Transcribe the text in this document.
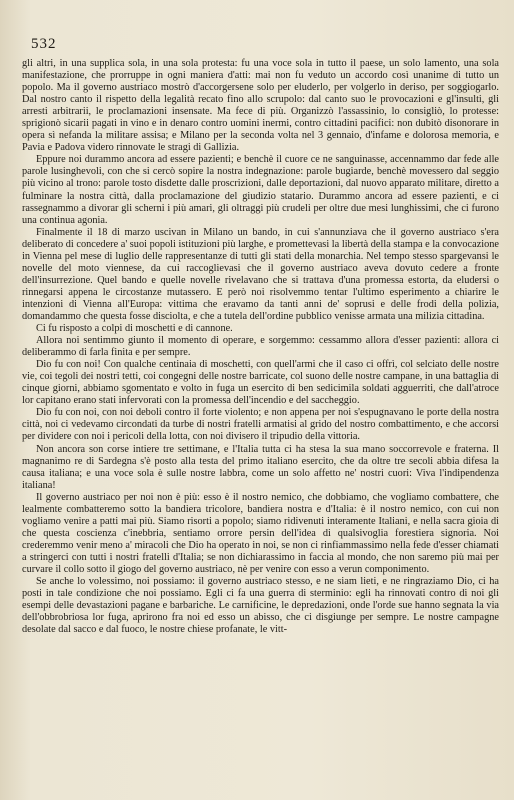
532

gli altri, in una supplica sola, in una sola protesta: fu una voce sola in tutto il paese, un solo lamento, una sola manifestazione, che prorruppe in ogni maniera d'atti: mai non fu veduto un accordo così unanime di tutto un popolo. Ma il governo austriaco mostrò d'accorgersene solo per eluderlo, per volgerlo in deriso, per soggiogarlo. Dal nostro canto il rispetto della legalità recato fino allo scrupolo: dal canto suo le provocazioni e gl'insulti, gli arresti arbitrarii, le proclamazioni insensate. Ma fece di più. Organizzò l'assassinio, lo consigliò, lo protesse: sprigionò sicarii pagati in vino e in denaro contro uomini inermi, contro cittadini pacifici: non dubitò disonorare in opera sì nefanda la militare assisa; e Milano per la seconda volta nel 3 gennaio, d'infame e dolorosa memoria, e Pavia e Padova videro rinnovate le stragi di Gallizia.

Eppure noi durammo ancora ad essere pazienti; e benchè il cuore ce ne sanguinasse, accennammo dar fede alle parole lusinghevoli, con che si cercò sopire la nostra indegnazione: parole bugiarde, benchè movessero dal seggio più vicino al trono: parole tosto disdette dalle proscrizioni, dalle deportazioni, dal nuovo apparato militare, diretto a fulminare la nostra città, dalla proclamazione del giudizio statario. Durammo ancora ad essere pazienti, e ci rassegnammo a divorar gli scherni i più amari, gli oltraggi più crudeli per oltre due mesi lunghissimi, che ci furono una continua agonia.

Finalmente il 18 di marzo uscivan in Milano un bando, in cui s'annunziava che il governo austriaco s'era deliberato di concedere a' suoi popoli istituzioni più larghe, e promettevasi la libertà della stampa e la convocazione in Vienna pel mese di luglio delle rappresentanze di tutti gli stati della monarchia. Nel tempo stesso spargevansi le novelle del moto viennese, da cui raccoglievasi che il governo austriaco aveva dovuto cedere a fronte dell'insurrezione. Quel bando e quelle novelle rivelavano che si trattava d'una promessa estorta, da eludersi o rinnegarsi appena le circostanze mutassero. E però noi risolvemmo tentar l'ultimo esperimento a chiarire le intenzioni di Vienna all'Europa: vittima che eravamo da tanti anni de' soprusi e delle frodi della polizia, domandammo che questa fosse disciolta, e che a tutela dell'ordine pubblico venisse armata una milizia cittadina.

Ci fu risposto a colpi di moschetti e di cannone.

Allora noi sentimmo giunto il momento di operare, e sorgemmo: cessammo allora d'esser pazienti: allora ci deliberammo di farla finita e per sempre.

Dio fu con noi! Con qualche centinaia di moschetti, con quell'armi che il caso ci offrì, col selciato delle nostre vie, coi tegoli dei nostri tetti, coi congegni delle nostre barricate, col suono delle nostre campane, in una battaglia di cinque giorni, abbiamo sgomentato e volto in fuga un esercito di ben sedicimila soldati agguerriti, che dall'atroce lor capitano erano stati infervorati con la promessa dell'incendio e del saccheggio.

Dio fu con noi, con noi deboli contro il forte violento; e non appena per noi s'espugnavano le porte della nostra città, noi ci vedevamo circondati da turbe di nostri fratelli armatisi al grido del nostro combattimento, e che accorsi per dividere con noi i pericoli della lotta, con noi divisero il tripudio della vittoria.

Non ancora son corse intiere tre settimane, e l'Italia tutta ci ha stesa la sua mano soccorrevole e fraterna. Il magnanimo re di Sardegna s'è posto alla testa del primo italiano esercito, che da oltre tre secoli abbia difesa la causa italiana; e una voce sola è sulle nostre labbra, come un solo affetto ne' nostri cuori: Viva l'indipendenza italiana!

Il governo austriaco per noi non è più: esso è il nostro nemico, che dobbiamo, che vogliamo combattere, che lealmente combatteremo sotto la bandiera tricolore, bandiera nostra e d'Italia: è il nostro nemico, con cui non vogliamo venire a patti mai più. Siamo risorti a popolo; siamo ridivenuti interamente Italiani, e nella sacra gioia di che questa coscienza c'inebbria, sentiamo orrore persin dell'idea di qualsivoglia forestiera signoria. Noi crederemmo venir meno a' miracoli che Dio ha operato in noi, se non ci rinfiammassimo nella fede d'esser chiamati a stringerci con tutti i nostri fratelli d'Italia; se non dichiarassimo in faccia al mondo, che non saremo più mai per curvare il collo sotto il giogo del governo austriaco, nè per venire con esso a verun componimento.

Se anche lo volessimo, noi possiamo: il governo austriaco stesso, e ne siam lieti, e ne ringraziamo Dio, ci ha posti in tale condizione che noi possiamo. Egli ci fa una guerra di sterminio: egli ha rinnovati contro di noi gli esempi delle devastazioni pagane e barbariche. Le carnificine, le depredazioni, onde l'orde sue hanno segnata la via dell'obbrobriosa lor fuga, aprirono fra noi ed esso un abisso, che ci disgiunge per sempre. Le nostre campagne desolate dal sacco e dal fuoco, le nostre chiese profanate, le vitt-
